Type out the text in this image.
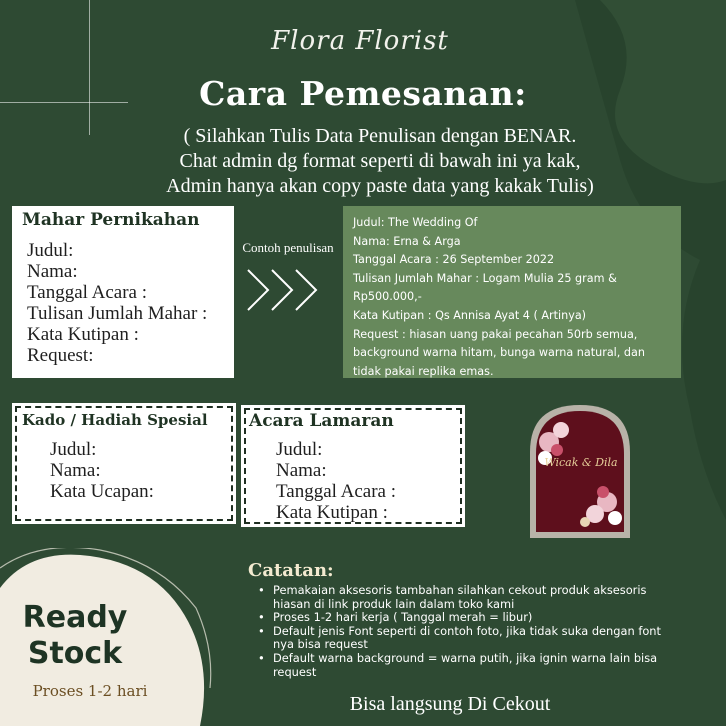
Flora Florist
Cara Pemesanan:
( Silahkan Tulis Data Penulisan dengan BENAR.
Chat admin dg format seperti di bawah ini ya kak,
Admin hanya akan copy paste data yang kakak Tulis)
Mahar Pernikahan
Judul:
Nama:
Tanggal Acara :
Tulisan Jumlah Mahar :
Kata Kutipan :
Request:
Contoh penulisan
Judul: The Wedding Of
Nama: Erna & Arga
Tanggal Acara : 26 September 2022
Tulisan Jumlah Mahar : Logam Mulia 25 gram &
Rp500.000,-
Kata Kutipan : Qs Annisa Ayat 4 ( Artinya)
Request : hiasan uang pakai pecahan 50rb semua,
background warna hitam, bunga warna natural, dan
tidak pakai replika emas.
Kado / Hadiah Spesial
Judul:
Nama:
Kata Ucapan:
Acara Lamaran
Judul:
Nama:
Tanggal Acara :
Kata Kutipan :
Wicak & Dila
Ready
Stock
Proses 1-2 hari
Catatan:
• Pemakaian aksesoris tambahan silahkan cekout produk aksesoris hiasan di link produk lain dalam toko kami
• Proses 1-2 hari kerja ( Tanggal merah = libur)
• Default jenis Font seperti di contoh foto, jika tidak suka dengan font nya bisa request
• Default warna background = warna putih, jika ignin warna lain bisa request
Bisa langsung Di Cekout
